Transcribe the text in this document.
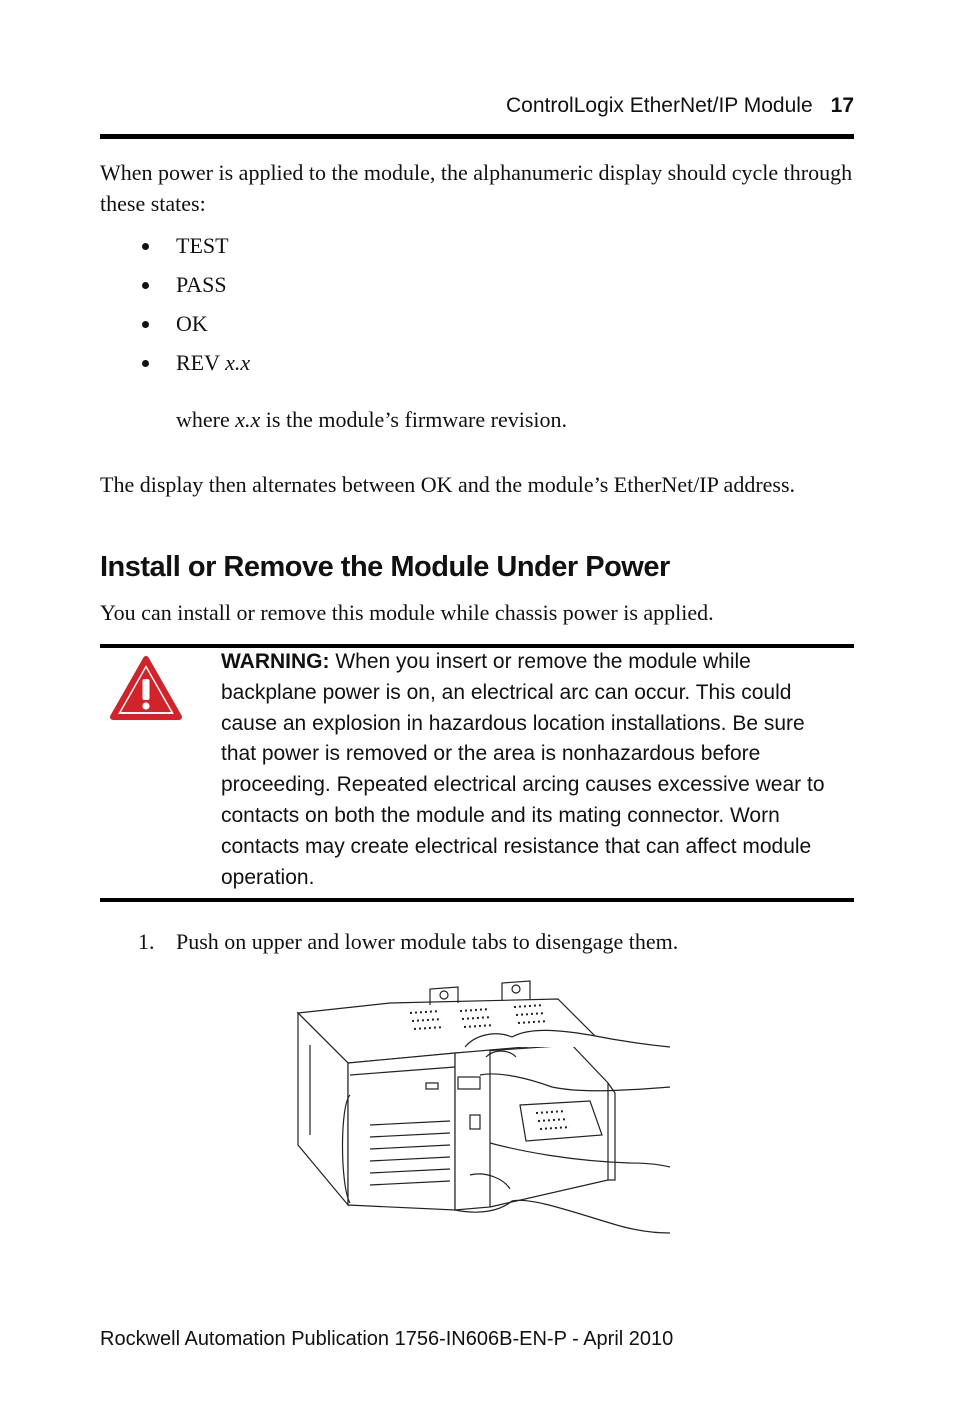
ControlLogix EtherNet/IP Module 17
When power is applied to the module, the alphanumeric display should cycle through these states:
TEST
PASS
OK
REV x.x
where x.x is the module’s firmware revision.
The display then alternates between OK and the module’s EtherNet/IP address.
Install or Remove the Module Under Power
You can install or remove this module while chassis power is applied.
WARNING: When you insert or remove the module while backplane power is on, an electrical arc can occur. This could cause an explosion in hazardous location installations. Be sure that power is removed or the area is nonhazardous before proceeding. Repeated electrical arcing causes excessive wear to contacts on both the module and its mating connector. Worn contacts may create electrical resistance that can affect module operation.
1. Push on upper and lower module tabs to disengage them.
Rockwell Automation Publication 1756-IN606B-EN-P - April 2010
